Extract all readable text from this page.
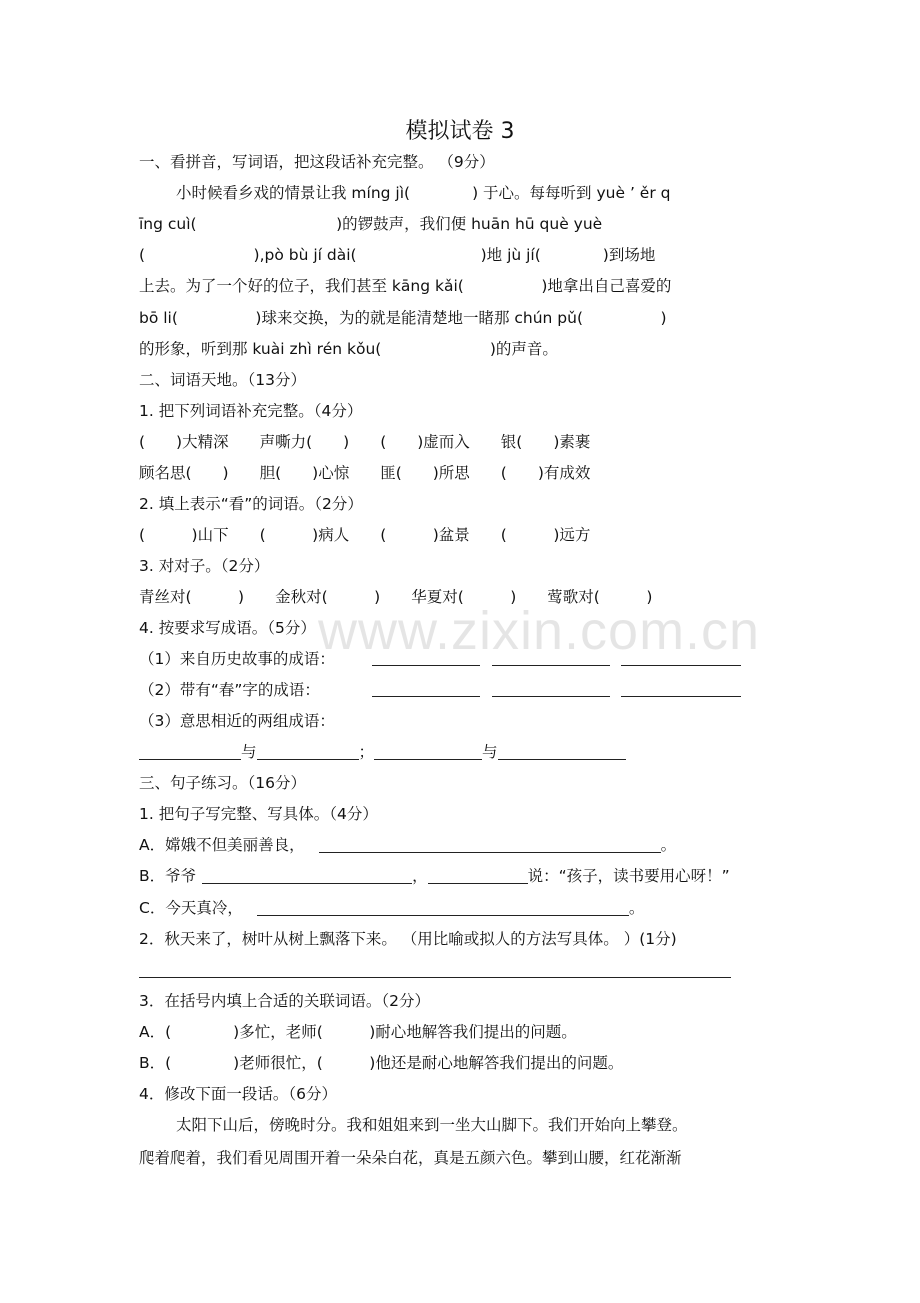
www.zixin.com.cn
模拟试卷 3
一、看拼音，写词语，把这段话补充完整。 （9分）
小时候看乡戏的情景让我 míng jì(　　　　) 于心。每每听到 yuè ʼ ěr q
īng cuì(　　　　　　　　　)的锣鼓声，我们便 huān hū què yuè
(　　　　　　　),pò bù jí dài(　　　　　　　　)地 jù jí(　　　　)到场地
上去。为了一个好的位子，我们甚至 kāng kǎi(　　　　　)地拿出自己喜爱的
bō li(　　　　　)球来交换，为的就是能清楚地一睹那 chún pǔ(　　　　　)
的形象，听到那 kuài zhì rén kǒu(　　　　　　　)的声音。
二、词语天地。（13分）
1. 把下列词语补充完整。（4分）
(　　)大精深　　声嘶力(　　)　　(　　)虚而入　　银(　　)素裹
顾名思(　　)　　胆(　　)心惊　　匪(　　)所思　　(　　)有成效
2. 填上表示“看”的词语。（2分）
(　　　)山下　　(　　　)病人　　(　　　)盆景　　(　　　)远方
3. 对对子。（2分）
青丝对(　　　)　　金秋对(　　　)　　华夏对(　　　)　　莺歌对(　　　)
4. 按要求写成语。（5分）
（1）来自历史故事的成语：
（2）带有“春”字的成语：
（3）意思相近的两组成语：
与	；	与
三、句子练习。（16分）
1. 把句子写完整、写具体。（4分）
A．嫦娥不但美丽善良，	。
B．爷爷	，	说：“孩子，读书要用心呀！”
C．今天真冷，	。
2．秋天来了，树叶从树上飘落下来。 （用比喻或拟人的方法写具体。 ）(1分)
3．在括号内填上合适的关联词语。（2分）
A．(　　　　)多忙，老师(　　　)耐心地解答我们提出的问题。
B．(　　　　)老师很忙，(　　　)他还是耐心地解答我们提出的问题。
4．修改下面一段话。（6分）
太阳下山后，傍晚时分。我和姐姐来到一坐大山脚下。我们开始向上攀登。
爬着爬着，我们看见周围开着一朵朵白花，真是五颜六色。攀到山腰，红花渐渐
